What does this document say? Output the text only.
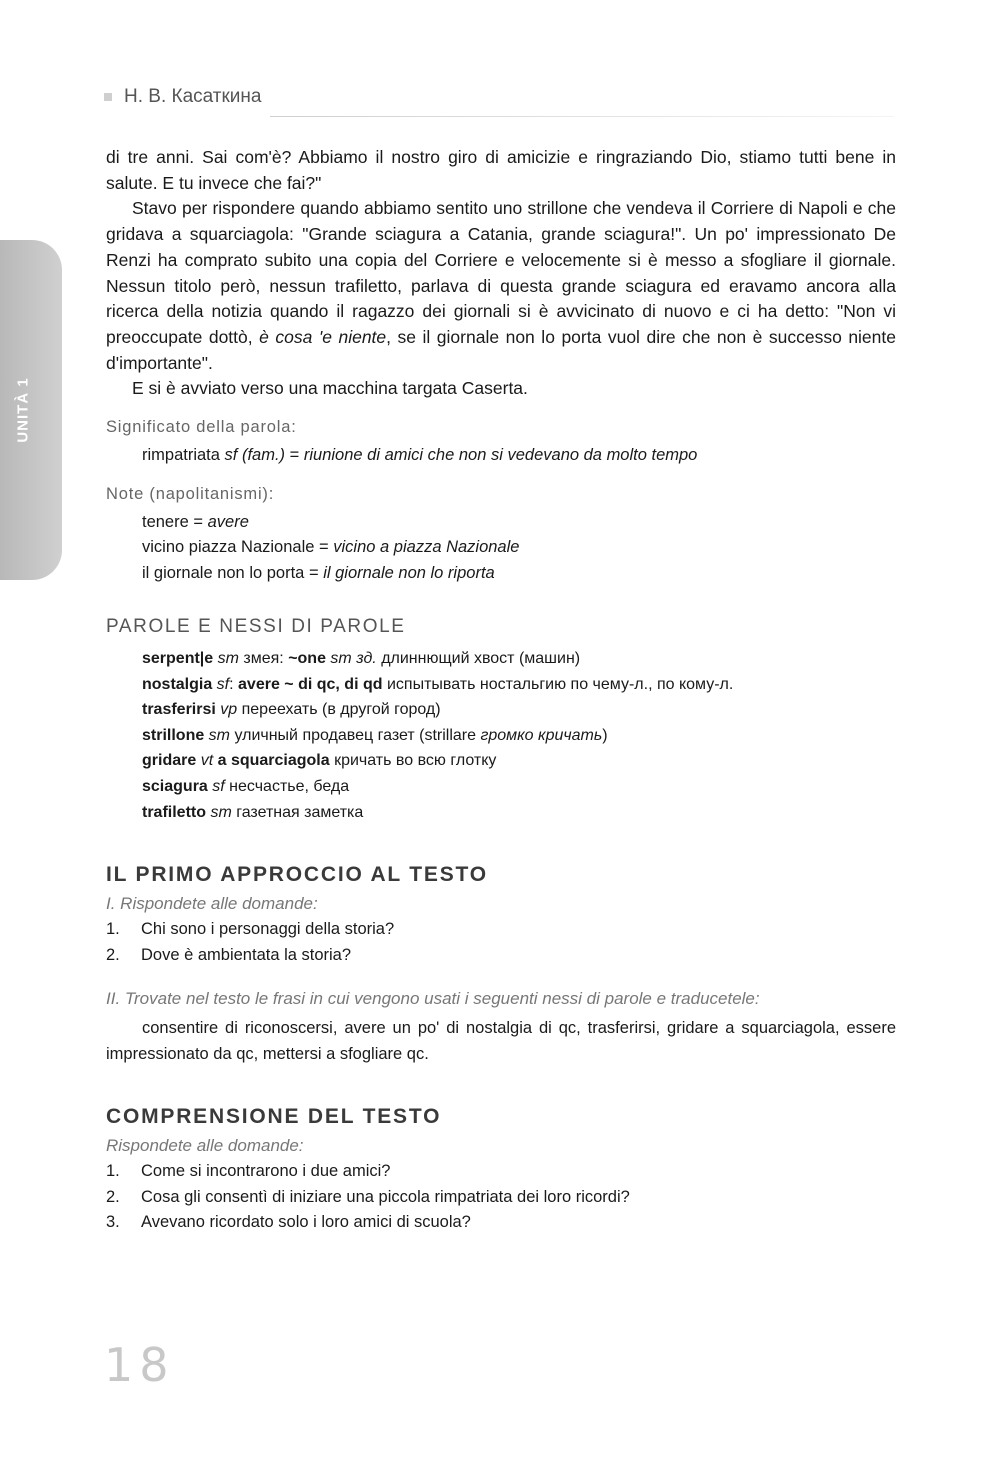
Н. В. Касаткина
UNITÀ 1

di tre anni. Sai com'è? Abbiamo il nostro giro di amicizie e ringraziando Dio, stiamo tutti bene in salute. E tu invece che fai?"

Stavo per rispondere quando abbiamo sentito uno strillone che vendeva il Corriere di Napoli e che gridava a squarciagola: "Grande sciagura a Catania, grande sciagura!". Un po' impressionato De Renzi ha comprato subito una copia del Corriere e velocemente si è messo a sfogliare il giornale. Nessun titolo però, nessun trafiletto, parlava di questa grande sciagura ed eravamo ancora alla ricerca della notizia quando il ragazzo dei giornali si è avvicinato di nuovo e ci ha detto: "Non vi preoccupate dottò, è cosa 'e niente, se il giornale non lo porta vuol dire che non è successo niente d'importante".

E si è avviato verso una macchina targata Caserta.

Significato della parola:
rimpatriata sf (fam.) = riunione di amici che non si vedevano da molto tempo
Note (napolitanismi):
tenere = avere
vicino piazza Nazionale = vicino a piazza Nazionale
il giornale non lo porta = il giornale non lo riporta
PAROLE E NESSI DI PAROLE
serpent|e sm змея: ~one sm зд. длиннющий хвост (машин)
nostalgia sf: avere ~ di qc, di qd испытывать ностальгию по чему-л., по кому-л.
trasferirsi vp переехать (в другой город)
strillone sm уличный продавец газет (strillare громко кричать)
gridare vt a squarciagola кричать во всю глотку
sciagura sf несчастье, беда
trafiletto sm газетная заметка
IL PRIMO APPROCCIO AL TESTO
I. Rispondete alle domande:
1.	Chi sono i personaggi della storia?
2.	Dove è ambientata la storia?
II. Trovate nel testo le frasi in cui vengono usati i seguenti nessi di parole e traducetele:

consentire di riconoscersi, avere un po' di nostalgia di qc, trasferirsi, gridare a squarciagola, essere impressionato da qc, mettersi a sfogliare qc.

COMPRENSIONE DEL TESTO
Rispondete alle domande:
1.	Come si incontrarono i due amici?
2.	Cosa gli consentì di iniziare una piccola rimpatriata dei loro ricordi?
3.	Avevano ricordato solo i loro amici di scuola?
18
